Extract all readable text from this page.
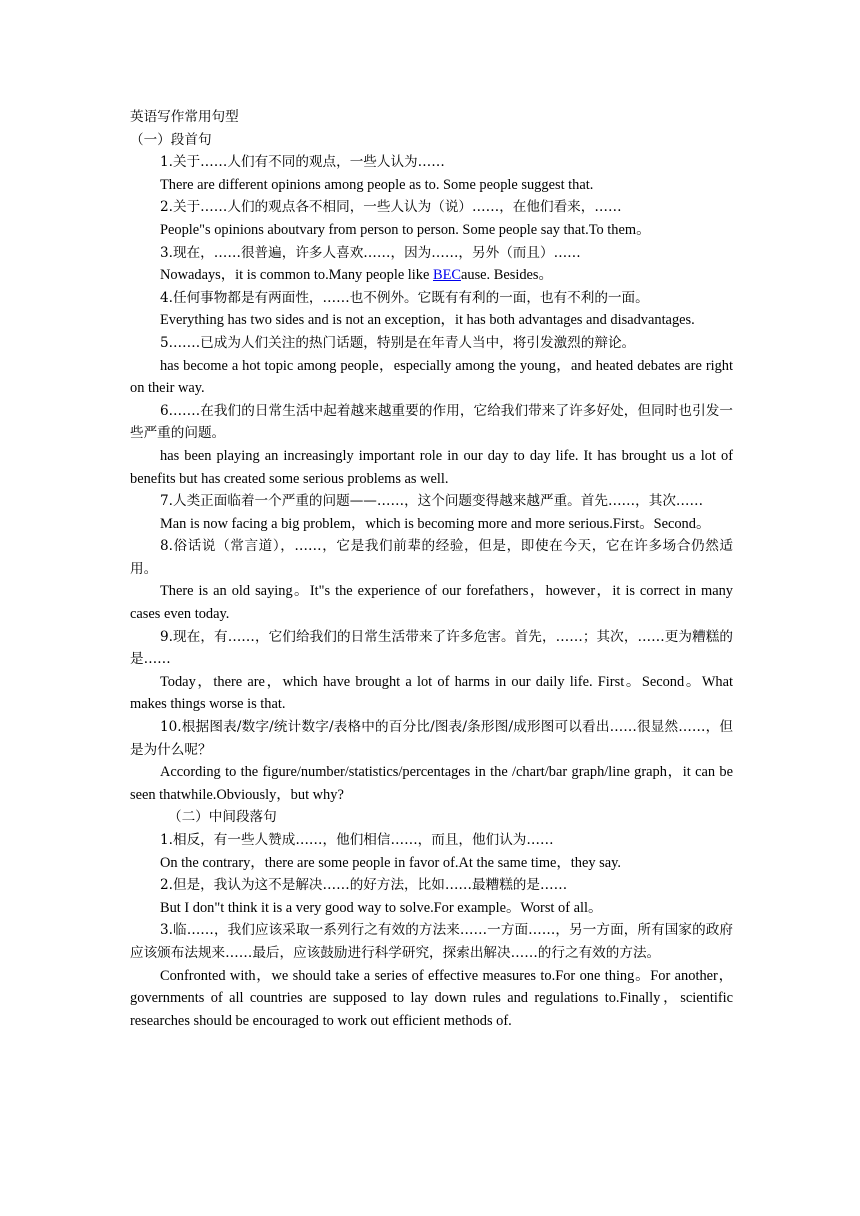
英语写作常用句型

（一）段首句

1.关于……人们有不同的观点，一些人认为……

There are different opinions among people as to. Some people suggest that.

2.关于……人们的观点各不相同，一些人认为（说）……，在他们看来，……

People"s opinions aboutvary from person to person. Some people say that.To them。

3.现在，……很普遍，许多人喜欢……，因为……，另外（而且）……

Nowadays，it is common to.Many people like BECause. Besides。

4.任何事物都是有两面性，……也不例外。它既有有利的一面，也有不利的一面。

Everything has two sides and is not an exception，it has both advantages and disadvantages.

5.……已成为人们关注的热门话题，特别是在年青人当中，将引发激烈的辩论。

has become a hot topic among people，especially among the young，and heated debates are right on their way.

6.……在我们的日常生活中起着越来越重要的作用，它给我们带来了许多好处，但同时也引发一些严重的问题。

has been playing an increasingly important role in our day to day life. It has brought us a lot of benefits but has created some serious problems as well.

7.人类正面临着一个严重的问题——……，这个问题变得越来越严重。首先……，其次……

Man is now facing a big problem，which is becoming more and more serious.First。Second。

8.俗话说（常言道），……，它是我们前辈的经验，但是，即使在今天，它在许多场合仍然适用。

There is an old saying。It"s the experience of our forefathers，however，it is correct in many cases even today.

9.现在，有……，它们给我们的日常生活带来了许多危害。首先，……；其次，……更为糟糕的是……

Today，there are，which have brought a lot of harms in our daily life. First。Second。What makes things worse is that.

10.根据图表/数字/统计数字/表格中的百分比/图表/条形图/成形图可以看出……很显然……，但是为什么呢？

According to the figure/number/statistics/percentages in the /chart/bar graph/line graph，it can be seen thatwhile.Obviously，but why?

（二）中间段落句

1.相反，有一些人赞成……，他们相信……，而且，他们认为……

On the contrary，there are some people in favor of.At the same time，they say.

2.但是，我认为这不是解决……的好方法，比如……最糟糕的是……

But I don"t think it is a very good way to solve.For example。Worst of all。

3.临……，我们应该采取一系列行之有效的方法来……一方面……，另一方面，所有国家的政府应该颁布法规来……最后，应该鼓励进行科学研究，探索出解决……的行之有效的方法。

Confronted with，we should take a series of effective measures to.For one thing。For another，governments of all countries are supposed to lay down rules and regulations to.Finally，scientific researches should be encouraged to work out efficient methods of.
